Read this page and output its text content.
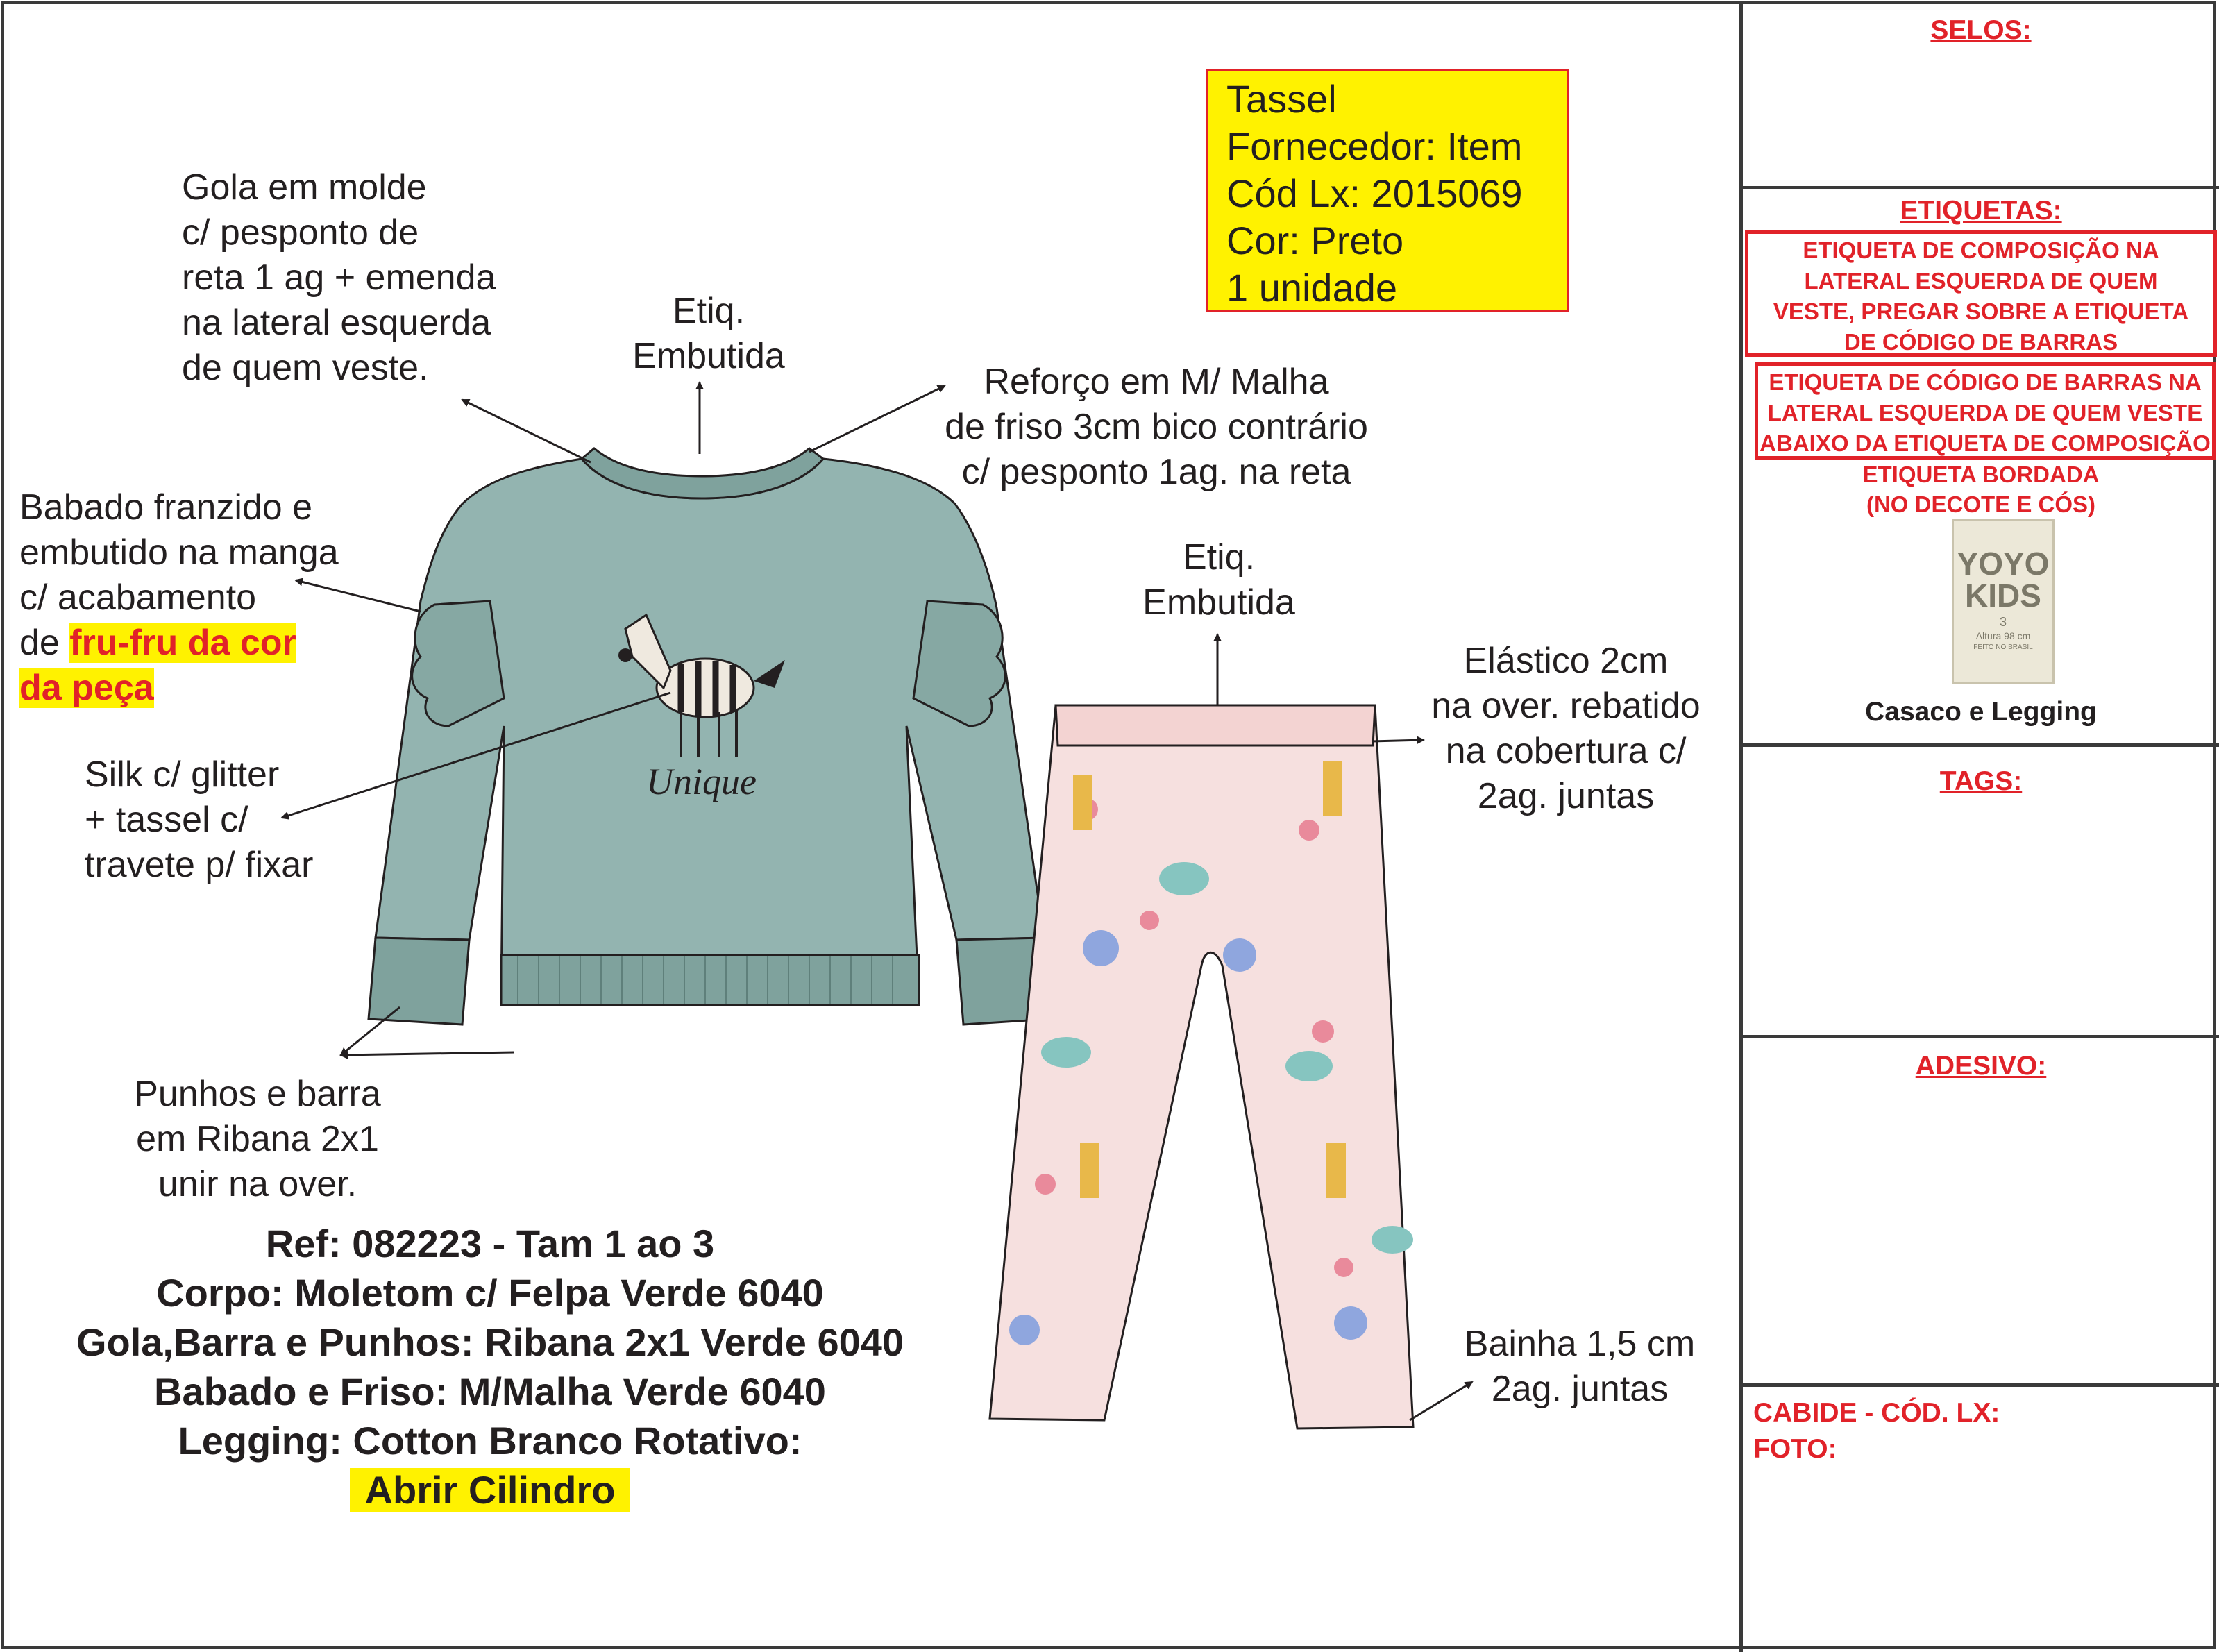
Unique
Tassel
Fornecedor: Item
Cód Lx: 2015069
Cor: Preto
1 unidade
Gola em molde
c/ pesponto de
reta 1 ag + emenda
na lateral esquerda
de quem veste.
Etiq.
Embutida
Reforço em M/ Malha
de friso 3cm bico contrário
c/ pesponto 1ag. na reta
Babado franzido e
embutido na manga
c/ acabamento
de fru-fru da cor
da peça
Silk c/ glitter
+ tassel c/
travete p/ fixar
Punhos e barra
em Ribana 2x1
unir na over.
Etiq.
Embutida
Elástico 2cm
na over. rebatido
na cobertura c/
2ag. juntas
Bainha 1,5 cm
2ag. juntas
Ref: 082223 - Tam 1 ao 3
Corpo: Moletom c/ Felpa Verde 6040
Gola,Barra e Punhos: Ribana 2x1 Verde 6040
Babado e Friso: M/Malha Verde 6040
Legging: Cotton Branco Rotativo:
Abrir Cilindro
SELOS:
ETIQUETAS:
ETIQUETA DE COMPOSIÇÃO NA
LATERAL ESQUERDA DE QUEM
VESTE, PREGAR SOBRE A ETIQUETA
DE CÓDIGO DE BARRAS
ETIQUETA DE CÓDIGO DE BARRAS NA
LATERAL ESQUERDA DE QUEM VESTE
ABAIXO DA ETIQUETA DE COMPOSIÇÃO
ETIQUETA BORDADA
(NO DECOTE E CÓS)
YOYO
KIDS
3
Altura 98 cm
FEITO NO BRASIL
Casaco e Legging
TAGS:
ADESIVO:
CABIDE - CÓD. LX:
FOTO:
